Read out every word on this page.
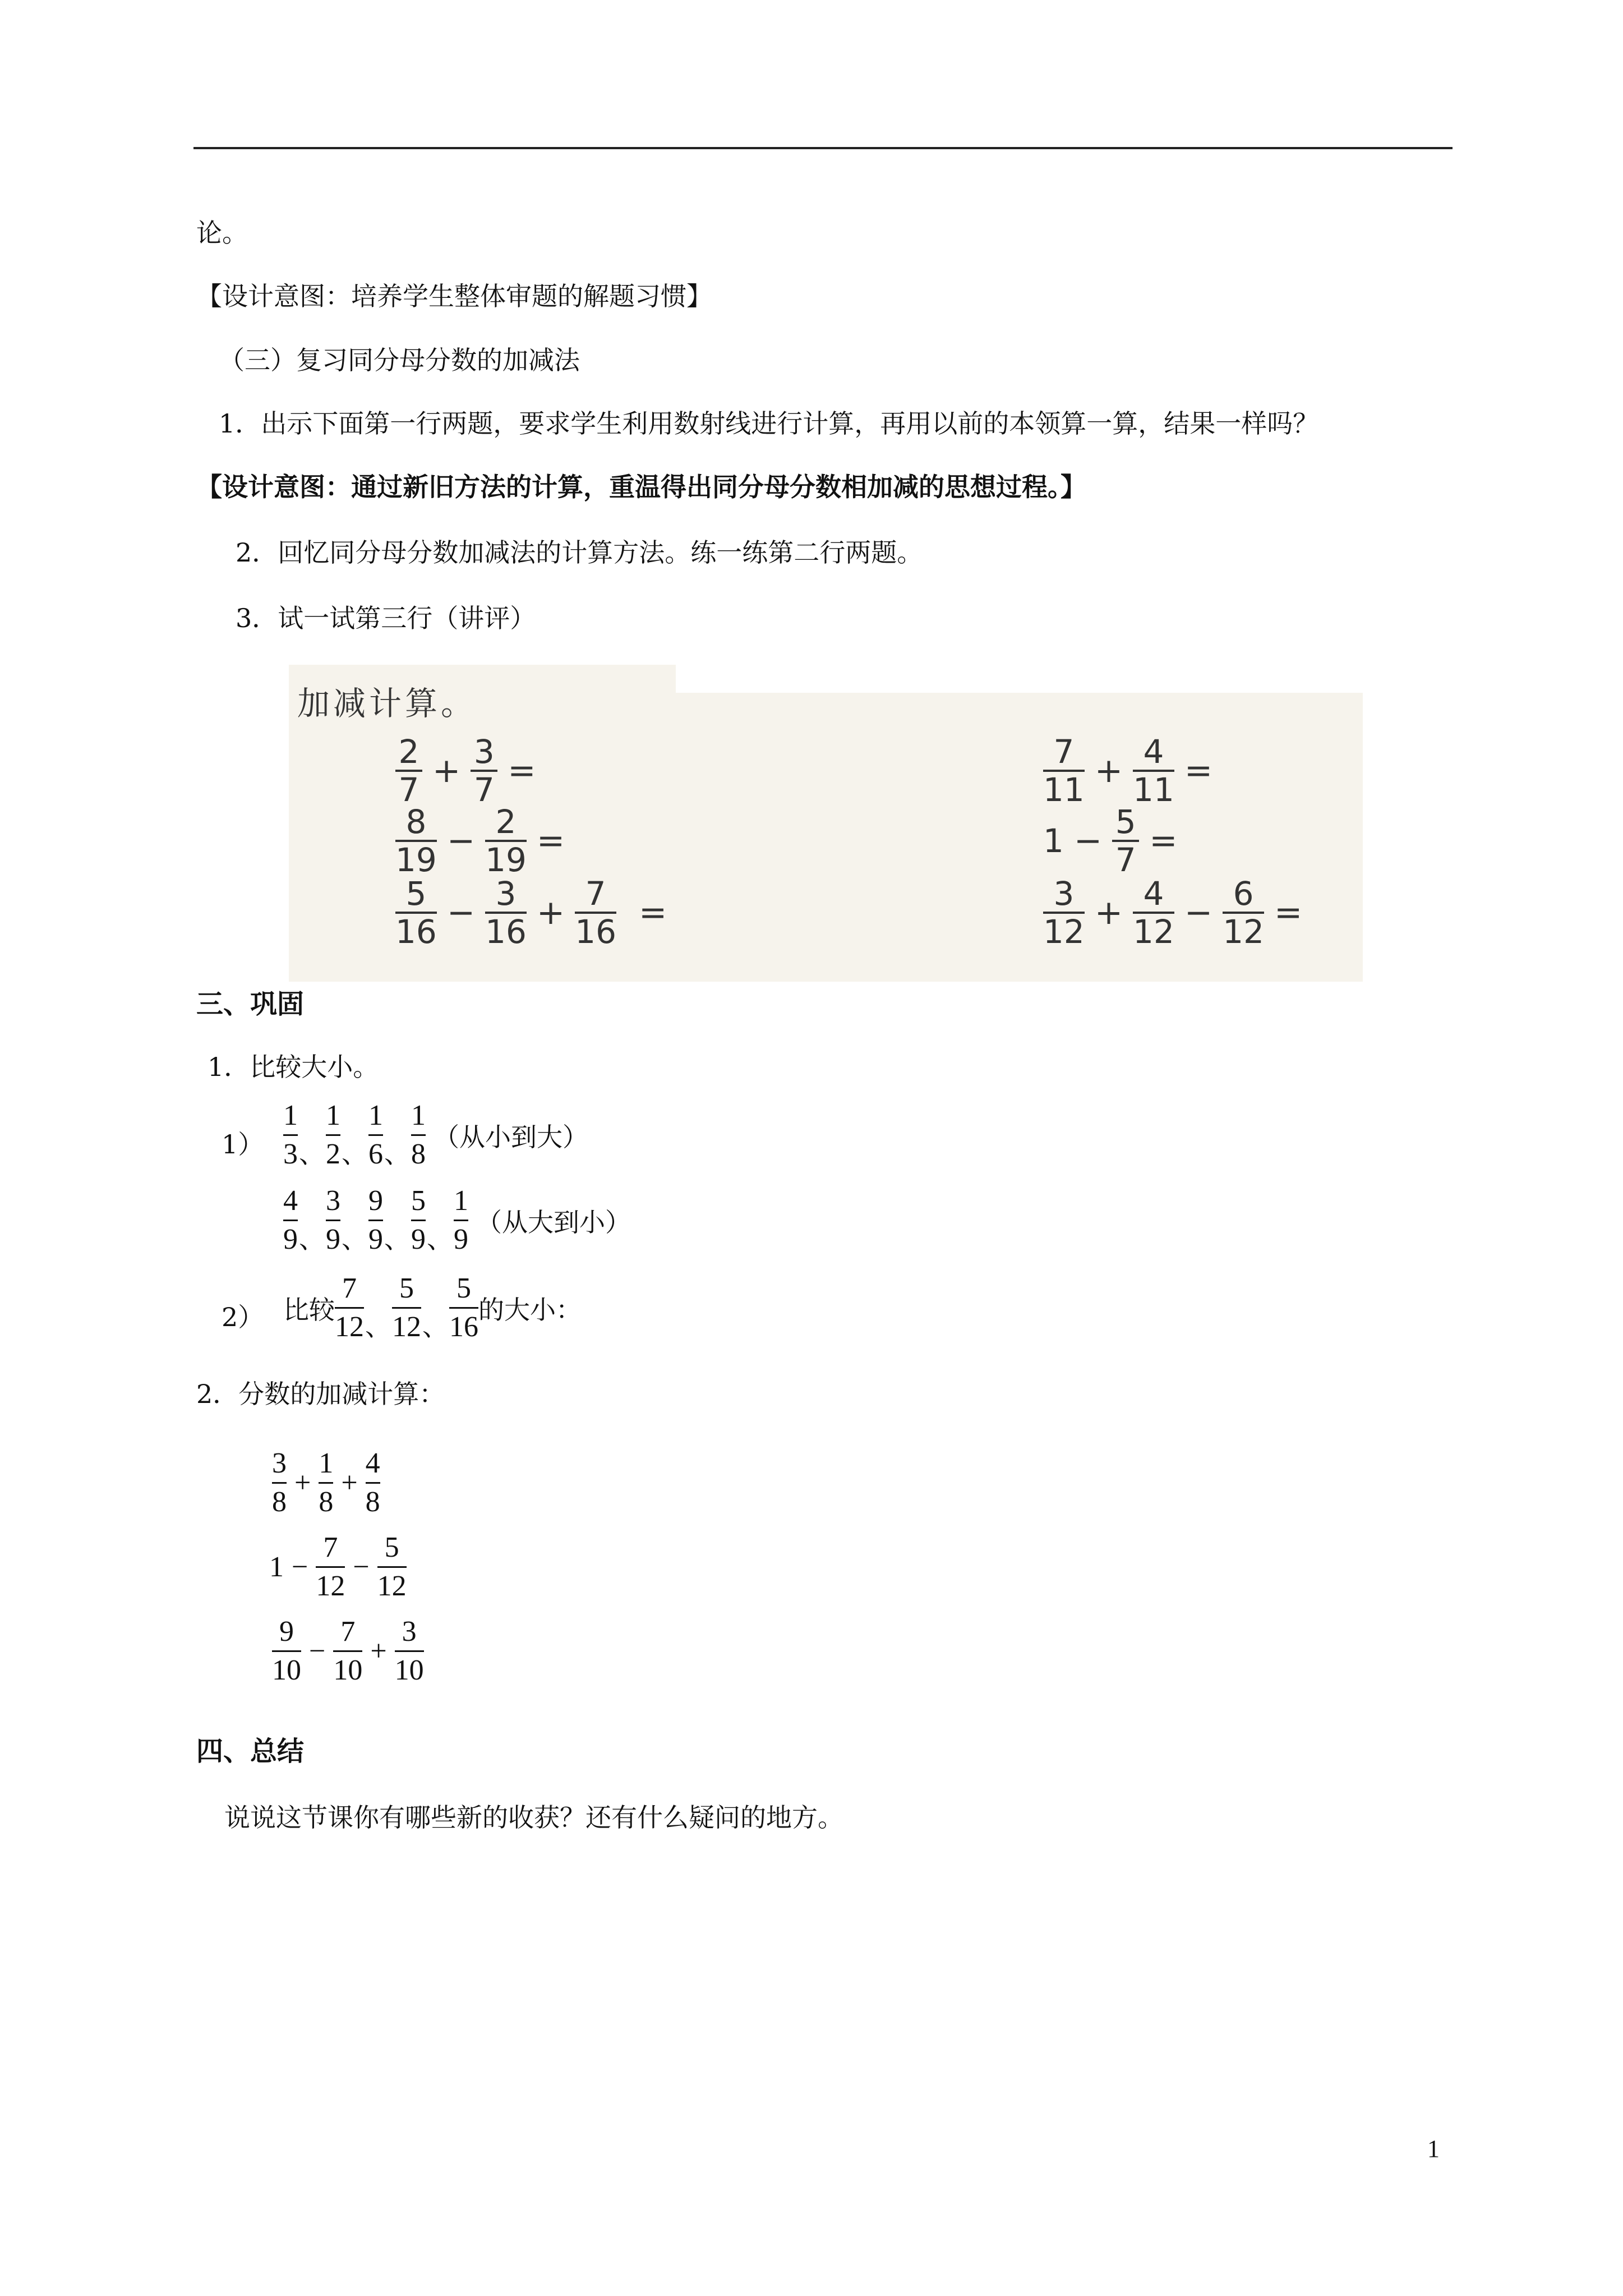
论。
【设计意图：培养学生整体审题的解题习惯】
（三）复习同分母分数的加减法
1．出示下面第一行两题，要求学生利用数射线进行计算，再用以前的本领算一算，结果一样吗？
【设计意图：通过新旧方法的计算，重温得出同分母分数相加减的思想过程。】
2．回忆同分母分数加减法的计算方法。练一练第二行两题。
3．试一试第三行（讲评）
加减计算。
2
7 + 3
7 =
8
19 − 2
19 =
5
16 − 3
16 + 7
16 =
7
11 + 4
11 =
1 − 5
7 =
3
12 + 4
12 − 6
12 =
三、巩固
1．比较大小。
1）
1
3 、
1
2 、
1
6 、
1
8
（从小到大）
4
9 、
3
9 、
9
9 、
5
9 、
1
9
（从大到小）
2） 比较
7
12 、
5
12 、
5
16
的大小：
2．分数的加减计算：
3
8
+
1
8
+
4
8
1 −
7
12
−
5
12
9
10
−
7
10
+
3
10
四、总结
说说这节课你有哪些新的收获？还有什么疑问的地方。
1
